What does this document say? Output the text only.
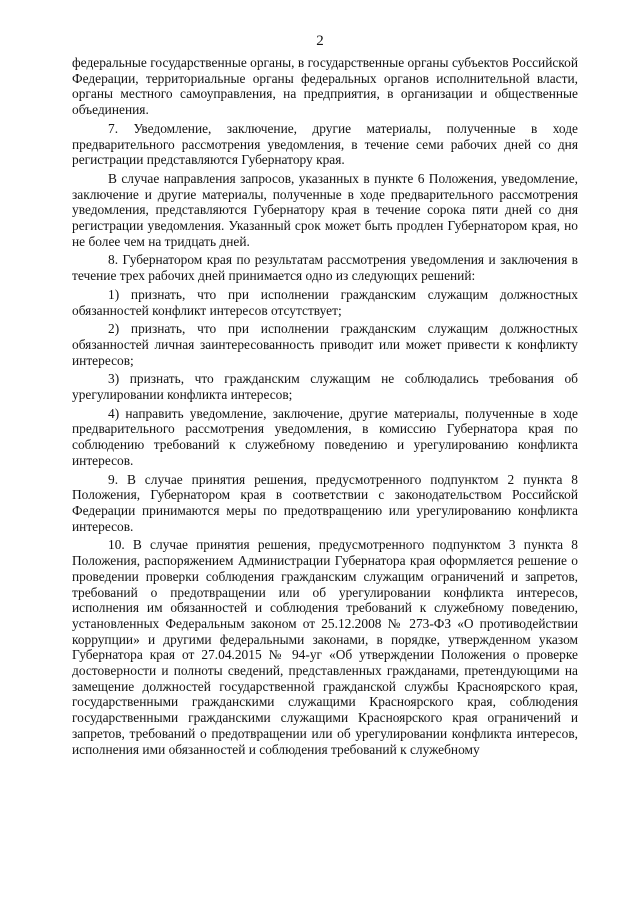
2

федеральные государственные органы, в государственные органы субъектов Российской Федерации, территориальные органы федеральных органов исполнительной власти, органы местного самоуправления, на предприятия, в организации и общественные объединения.

7. Уведомление, заключение, другие материалы, полученные в ходе предварительного рассмотрения уведомления, в течение семи рабочих дней со дня регистрации представляются Губернатору края.

В случае направления запросов, указанных в пункте 6 Положения, уведомление, заключение и другие материалы, полученные в ходе предварительного рассмотрения уведомления, представляются Губернатору края в течение сорока пяти дней со дня регистрации уведомления. Указанный срок может быть продлен Губернатором края, но не более чем на тридцать дней.

8. Губернатором края по результатам рассмотрения уведомления и заключения в течение трех рабочих дней принимается одно из следующих решений:

1) признать, что при исполнении гражданским служащим должностных обязанностей конфликт интересов отсутствует;

2) признать, что при исполнении гражданским служащим должностных обязанностей личная заинтересованность приводит или может привести к конфликту интересов;

3) признать, что гражданским служащим не соблюдались требования об урегулировании конфликта интересов;

4) направить уведомление, заключение, другие материалы, полученные в ходе предварительного рассмотрения уведомления, в комиссию Губернатора края по соблюдению требований к служебному поведению и урегулированию конфликта интересов.

9. В случае принятия решения, предусмотренного подпунктом 2 пункта 8 Положения, Губернатором края в соответствии с законодательством Российской Федерации принимаются меры по предотвращению или урегулированию конфликта интересов.

10. В случае принятия решения, предусмотренного подпунктом 3 пункта 8 Положения, распоряжением Администрации Губернатора края оформляется решение о проведении проверки соблюдения гражданским служащим ограничений и запретов, требований о предотвращении или об урегулировании конфликта интересов, исполнения им обязанностей и соблюдения требований к служебному поведению, установленных Федеральным законом от 25.12.2008 № 273-ФЗ «О противодействии коррупции» и другими федеральными законами, в порядке, утвержденном указом Губернатора края от 27.04.2015 № 94-уг «Об утверждении Положения о проверке достоверности и полноты сведений, представленных гражданами, претендующими на замещение должностей государственной гражданской службы Красноярского края, государственными гражданскими служащими Красноярского края, соблюдения государственными гражданскими служащими Красноярского края ограничений и запретов, требований о предотвращении или об урегулировании конфликта интересов, исполнения ими обязанностей и соблюдения требований к служебному
